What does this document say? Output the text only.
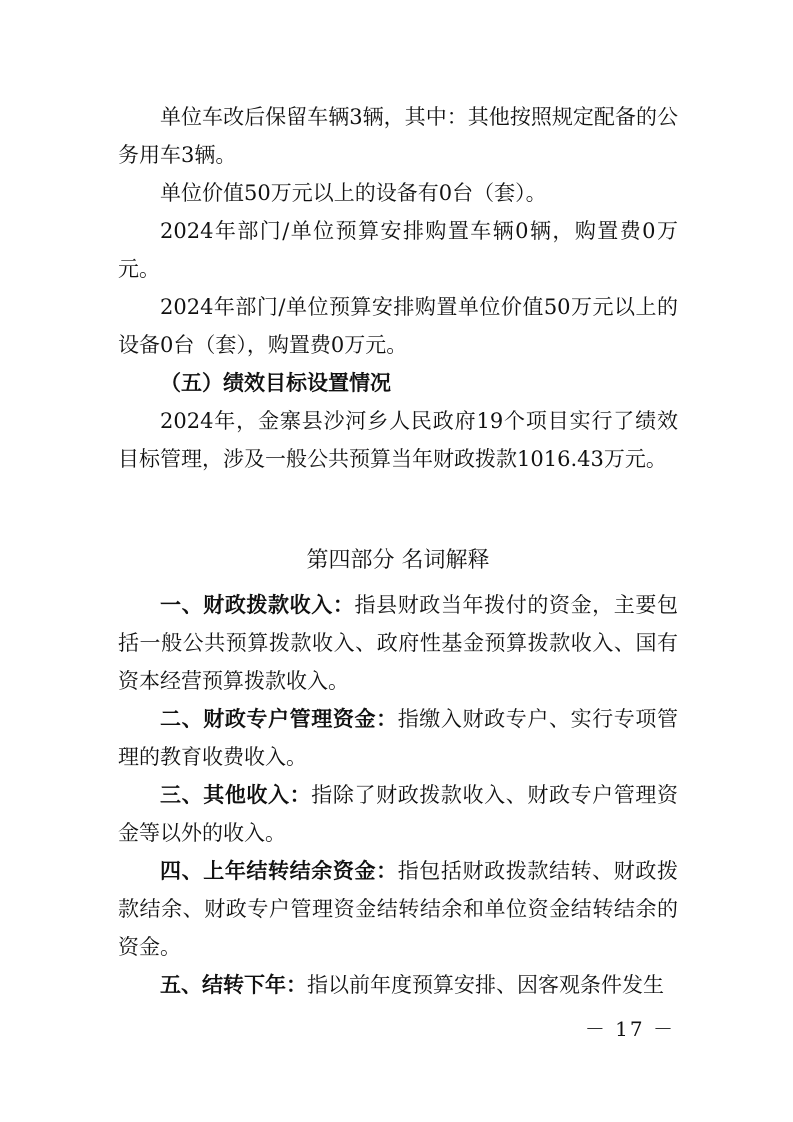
单位车改后保留车辆3辆，其中：其他按照规定配备的公务用车3辆。

单位价值50万元以上的设备有0台（套）。

2024年部门/单位预算安排购置车辆0辆，购置费0万元。

2024年部门/单位预算安排购置单位价值50万元以上的设备0台（套），购置费0万元。

（五）绩效目标设置情况

2024年，金寨县沙河乡人民政府19个项目实行了绩效目标管理，涉及一般公共预算当年财政拨款1016.43万元。

第四部分 名词解释

一、财政拨款收入：指县财政当年拨付的资金，主要包括一般公共预算拨款收入、政府性基金预算拨款收入、国有资本经营预算拨款收入。

二、财政专户管理资金：指缴入财政专户、实行专项管理的教育收费收入。

三、其他收入：指除了财政拨款收入、财政专户管理资金等以外的收入。

四、上年结转结余资金：指包括财政拨款结转、财政拨款结余、财政专户管理资金结转结余和单位资金结转结余的资金。

五、结转下年：指以前年度预算安排、因客观条件发生

－ 17 －
